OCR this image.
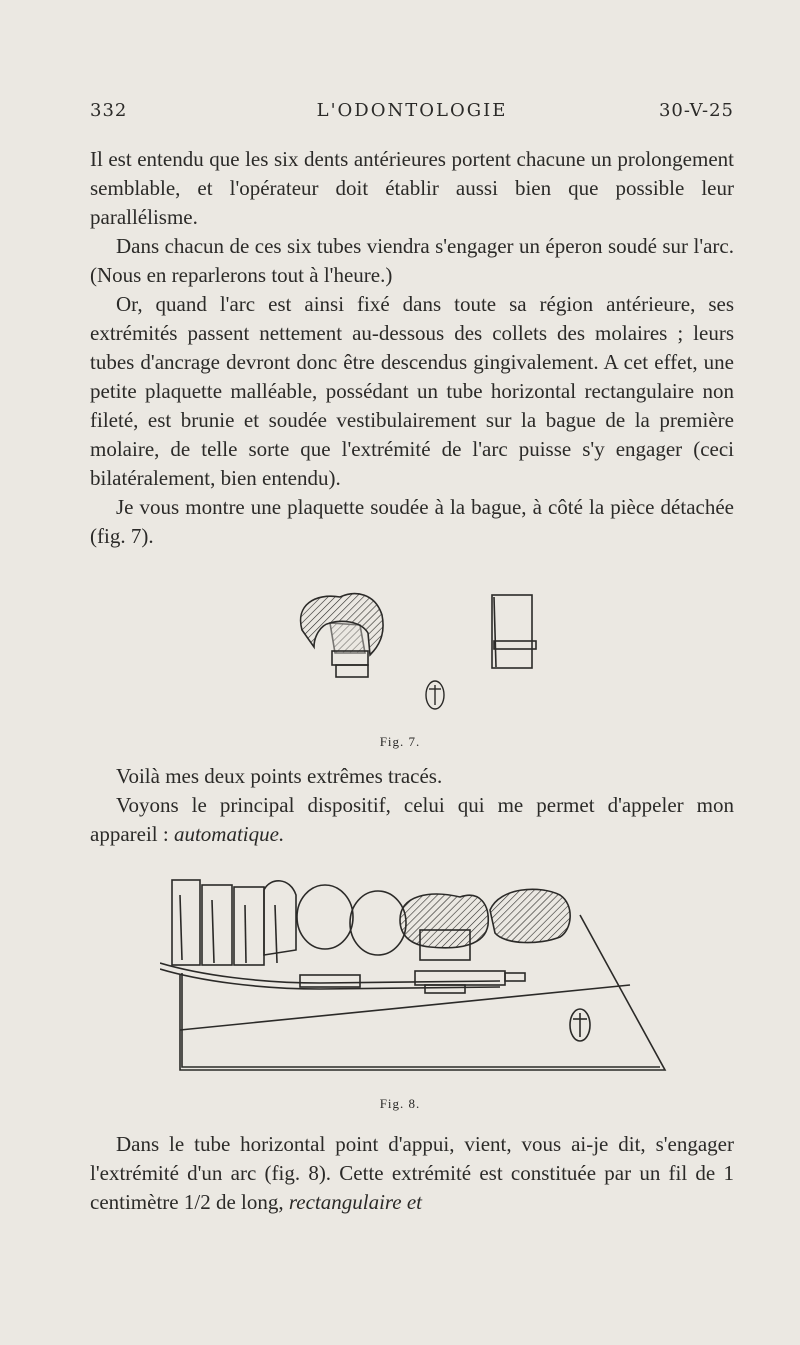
332	L'ODONTOLOGIE	30-V-25

Il est entendu que les six dents antérieures portent chacune un prolongement semblable, et l'opérateur doit établir aussi bien que possible leur parallélisme.

Dans chacun de ces six tubes viendra s'engager un éperon soudé sur l'arc. (Nous en reparlerons tout à l'heure.)

Or, quand l'arc est ainsi fixé dans toute sa région antérieure, ses extrémités passent nettement au-dessous des collets des molaires ; leurs tubes d'ancrage devront donc être descendus gingivalement. A cet effet, une petite plaquette malléable, possédant un tube horizontal rectangulaire non fileté, est brunie et soudée vestibulairement sur la bague de la première molaire, de telle sorte que l'extrémité de l'arc puisse s'y engager (ceci bilatéralement, bien entendu).

Je vous montre une plaquette soudée à la bague, à côté la pièce détachée (fig. 7).

Fig. 7.

Voilà mes deux points extrêmes tracés.

Voyons le principal dispositif, celui qui me permet d'appeler mon appareil : automatique.

Fig. 8.

Dans le tube horizontal point d'appui, vient, vous ai-je dit, s'engager l'extrémité d'un arc (fig. 8). Cette extrémité est constituée par un fil de 1 centimètre 1/2 de long, rectangulaire et
